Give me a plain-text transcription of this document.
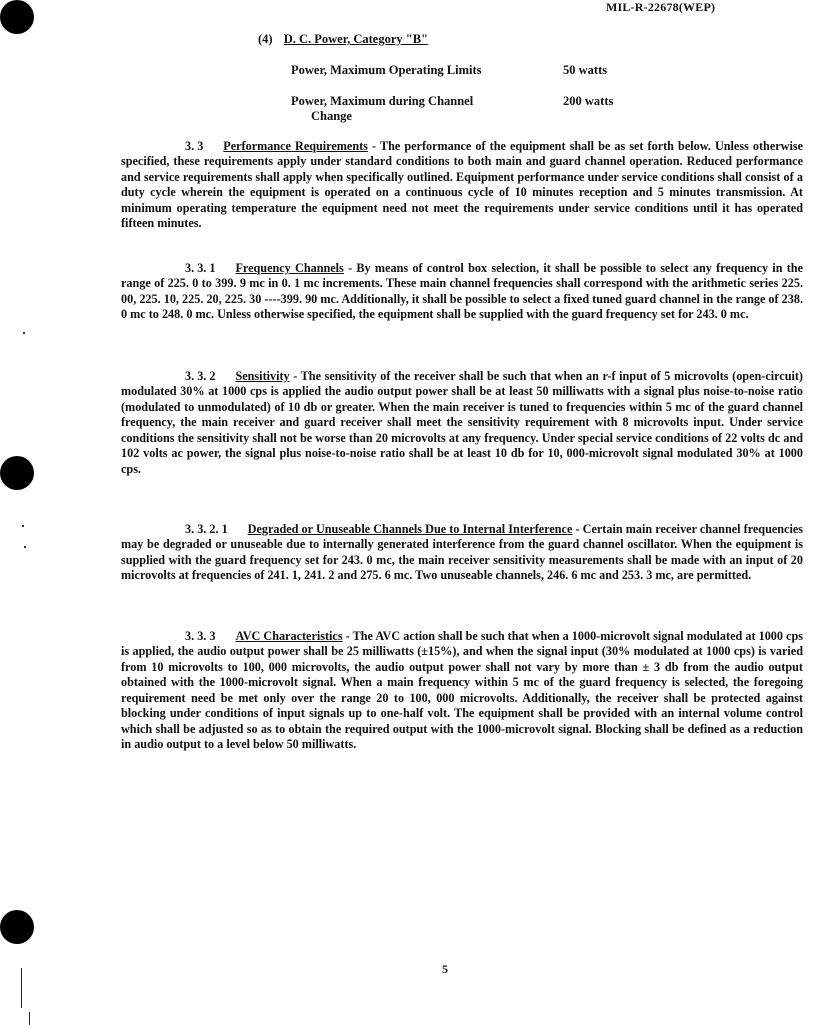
MIL-R-22678(WEP)
(4) D. C. Power, Category "B"
Power, Maximum Operating Limits	50 watts
Power, Maximum during Channel	200 watts
Change

3. 3 Performance Requirements - The performance of the equipment shall be as set forth below. Unless otherwise specified, these requirements apply under standard conditions to both main and guard channel operation. Reduced performance and service requirements shall apply when specifically outlined. Equipment performance under service conditions shall consist of a duty cycle wherein the equipment is operated on a continuous cycle of 10 minutes reception and 5 minutes transmission. At minimum operating temperature the equipment need not meet the requirements under service conditions until it has operated fifteen minutes.

3. 3. 1 Frequency Channels - By means of control box selection, it shall be possible to select any frequency in the range of 225. 0 to 399. 9 mc in 0. 1 mc increments. These main channel frequencies shall correspond with the arithmetic series 225. 00, 225. 10, 225. 20, 225. 30 ----399. 90 mc. Additionally, it shall be possible to select a fixed tuned guard channel in the range of 238. 0 mc to 248. 0 mc. Unless otherwise specified, the equipment shall be supplied with the guard frequency set for 243. 0 mc.

3. 3. 2 Sensitivity - The sensitivity of the receiver shall be such that when an r-f input of 5 microvolts (open-circuit) modulated 30% at 1000 cps is applied the audio output power shall be at least 50 milliwatts with a signal plus noise-to-noise ratio (modulated to unmodulated) of 10 db or greater. When the main receiver is tuned to frequencies within 5 mc of the guard channel frequency, the main receiver and guard receiver shall meet the sensitivity requirement with 8 microvolts input. Under service conditions the sensitivity shall not be worse than 20 microvolts at any frequency. Under special service conditions of 22 volts dc and 102 volts ac power, the signal plus noise-to-noise ratio shall be at least 10 db for 10, 000-microvolt signal modulated 30% at 1000 cps.

3. 3. 2. 1 Degraded or Unuseable Channels Due to Internal Interference - Certain main receiver channel frequencies may be degraded or unuseable due to internally generated interference from the guard channel oscillator. When the equipment is supplied with the guard frequency set for 243. 0 mc, the main receiver sensitivity measurements shall be made with an input of 20 microvolts at frequencies of 241. 1, 241. 2 and 275. 6 mc. Two unuseable channels, 246. 6 mc and 253. 3 mc, are permitted.

3. 3. 3 AVC Characteristics - The AVC action shall be such that when a 1000-microvolt signal modulated at 1000 cps is applied, the audio output power shall be 25 milliwatts (±15%), and when the signal input (30% modulated at 1000 cps) is varied from 10 microvolts to 100, 000 microvolts, the audio output power shall not vary by more than ± 3 db from the audio output obtained with the 1000-microvolt signal. When a main frequency within 5 mc of the guard frequency is selected, the foregoing requirement need be met only over the range 20 to 100, 000 microvolts. Additionally, the receiver shall be protected against blocking under conditions of input signals up to one-half volt. The equipment shall be provided with an internal volume control which shall be adjusted so as to obtain the required output with the 1000-microvolt signal. Blocking shall be defined as a reduction in audio output to a level below 50 milliwatts.

5
